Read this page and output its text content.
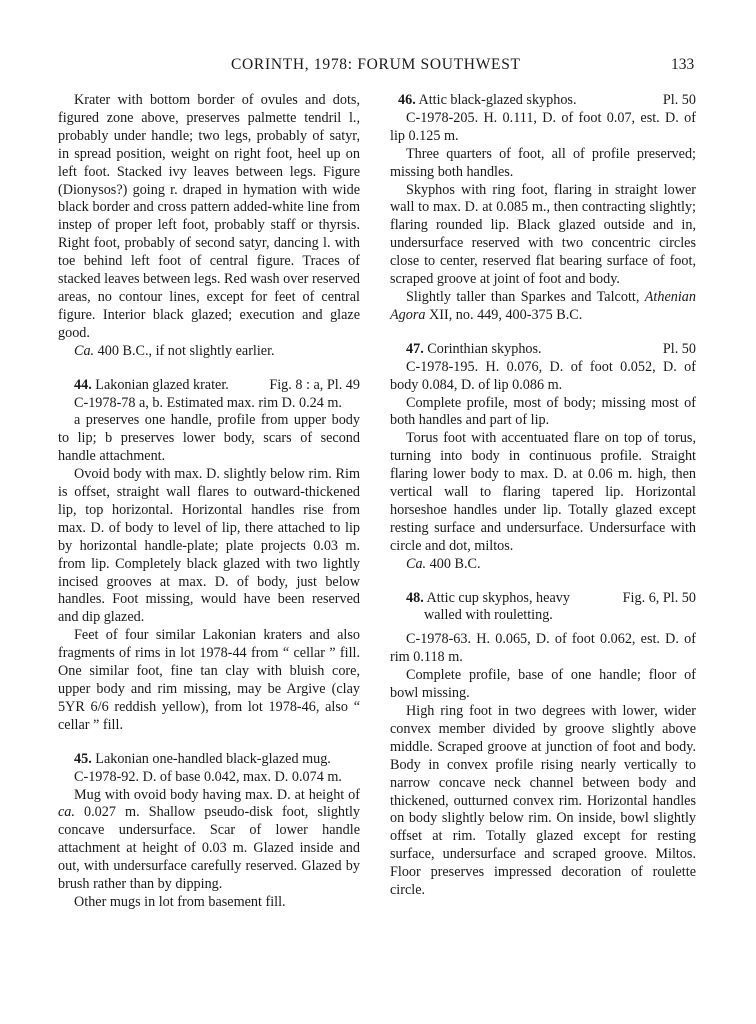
CORINTH, 1978: FORUM SOUTHWEST	133

Krater with bottom border of ovules and dots, figured zone above, preserves palmette tendril l., probably under handle; two legs, probably of satyr, in spread position, weight on right foot, heel up on left foot. Stacked ivy leaves between legs. Figure (Dionysos?) going r. draped in hymation with wide black border and cross pattern added-white line from instep of proper left foot, probably staff or thyrsis. Right foot, probably of second satyr, dancing l. with toe behind left foot of central figure. Traces of stacked leaves between legs. Red wash over reserved areas, no contour lines, except for feet of central figure. Interior black glazed; execution and glaze good.

Ca. 400 B.C., if not slightly earlier.

44. Lakonian glazed krater.	Fig. 8 : a, Pl. 49

C-1978-78 a, b. Estimated max. rim D. 0.24 m.

a preserves one handle, profile from upper body to lip; b preserves lower body, scars of second handle attachment.

Ovoid body with max. D. slightly below rim. Rim is offset, straight wall flares to outward-thickened lip, top horizontal. Horizontal handles rise from max. D. of body to level of lip, there attached to lip by horizontal handle-plate; plate projects 0.03 m. from lip. Completely black glazed with two lightly incised grooves at max. D. of body, just below handles. Foot missing, would have been reserved and dip glazed.

Feet of four similar Lakonian kraters and also fragments of rims in lot 1978-44 from “ cellar ” fill. One similar foot, fine tan clay with bluish core, upper body and rim missing, may be Argive (clay 5YR 6/6 reddish yellow), from lot 1978-46, also “ cellar ” fill.

45. Lakonian one-handled black-glazed mug.

C-1978-92. D. of base 0.042, max. D. 0.074 m.

Mug with ovoid body having max. D. at height of ca. 0.027 m. Shallow pseudo-disk foot, slightly concave undersurface. Scar of lower handle attachment at height of 0.03 m. Glazed inside and out, with undersurface carefully reserved. Glazed by brush rather than by dipping.

Other mugs in lot from basement fill.

46. Attic black-glazed skyphos.	Pl. 50

C-1978-205. H. 0.111, D. of foot 0.07, est. D. of lip 0.125 m.

Three quarters of foot, all of profile preserved; missing both handles.

Skyphos with ring foot, flaring in straight lower wall to max. D. at 0.085 m., then contracting slightly; flaring rounded lip. Black glazed outside and in, undersurface reserved with two concentric circles close to center, reserved flat bearing surface of foot, scraped groove at joint of foot and body.

Slightly taller than Sparkes and Talcott, Athenian Agora XII, no. 449, 400-375 B.C.

47. Corinthian skyphos.	Pl. 50

C-1978-195. H. 0.076, D. of foot 0.052, D. of body 0.084, D. of lip 0.086 m.

Complete profile, most of body; missing most of both handles and part of lip.

Torus foot with accentuated flare on top of torus, turning into body in continuous profile. Straight flaring lower body to max. D. at 0.06 m. high, then vertical wall to flaring tapered lip. Horizontal horseshoe handles under lip. Totally glazed except resting surface and undersurface. Undersurface with circle and dot, miltos.

Ca. 400 B.C.

48. Attic cup skyphos, heavy	Fig. 6, Pl. 50
walled with rouletting.

C-1978-63. H. 0.065, D. of foot 0.062, est. D. of rim 0.118 m.

Complete profile, base of one handle; floor of bowl missing.

High ring foot in two degrees with lower, wider convex member divided by groove slightly above middle. Scraped groove at junction of foot and body. Body in convex profile rising nearly vertically to narrow concave neck channel between body and thickened, outturned convex rim. Horizontal handles on body slightly below rim. On inside, bowl slightly offset at rim. Totally glazed except for resting surface, undersurface and scraped groove. Miltos. Floor preserves impressed decoration of roulette circle.
